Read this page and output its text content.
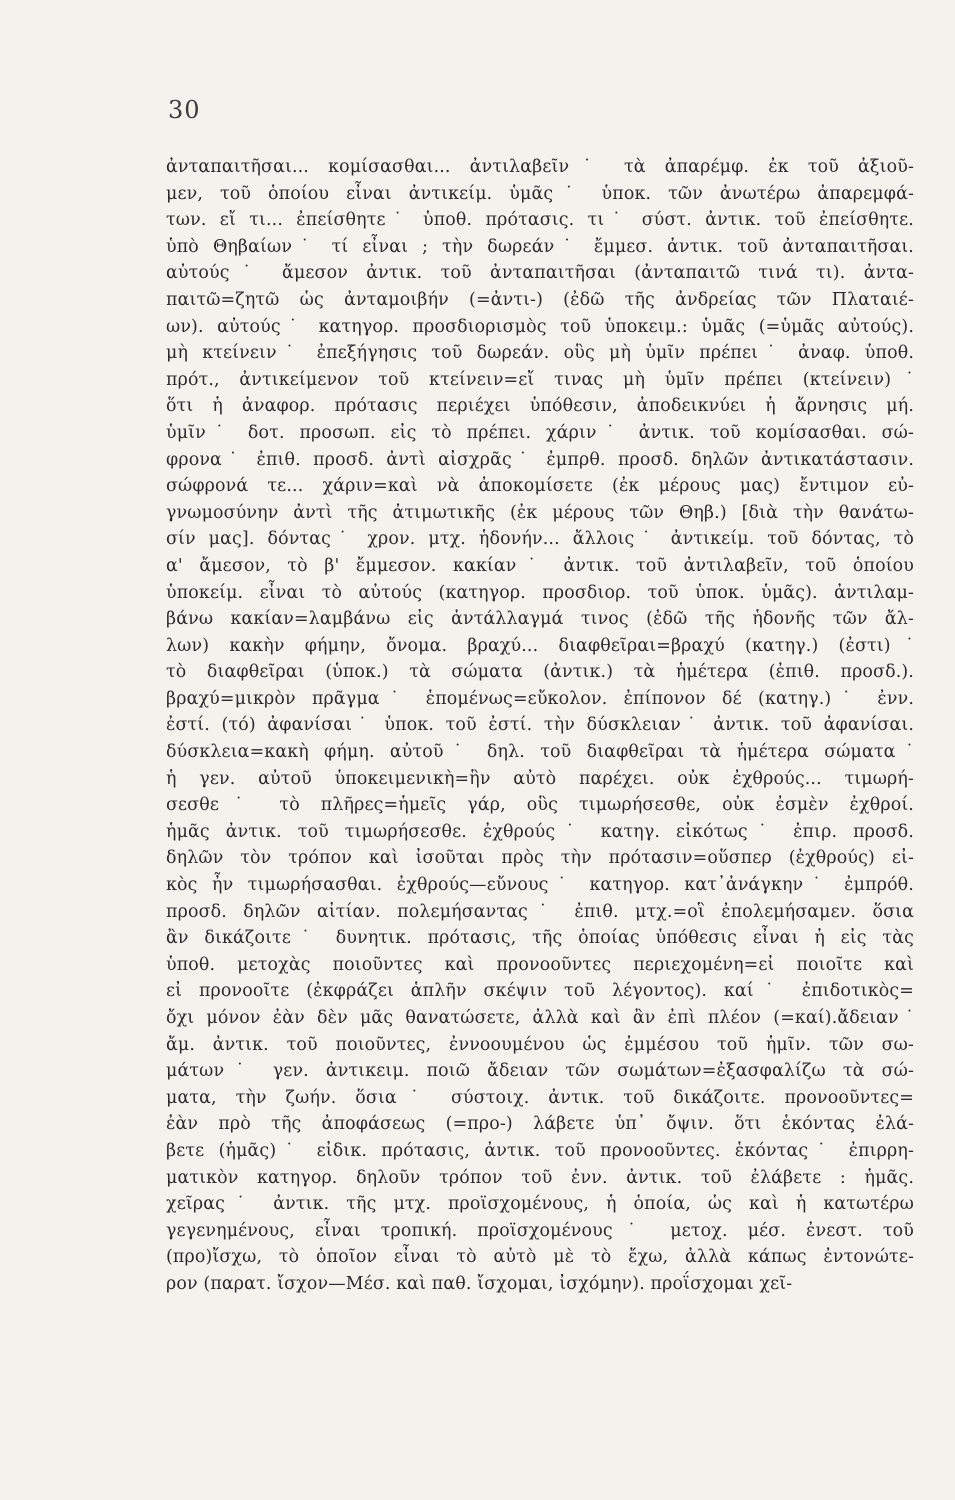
30
ἀνταπαιτῆσαι... κομίσασθαι... ἀντιλαβεῖν˙ τὰ ἀπαρέμφ. ἐκ τοῦ ἀξιοῦ-
μεν, τοῦ ὁποίου εἶναι ἀντικείμ. ὑμᾶς˙ ὑποκ. τῶν ἀνωτέρω ἀπαρεμφά-
των. εἴ τι... ἐπείσθητε˙ ὑποθ. πρότασις. τι˙ σύστ. ἀντικ. τοῦ ἐπείσθητε.
ὑπὸ Θηβαίων˙ τί εἶναι ; τὴν δωρεάν˙ ἔμμεσ. ἀντικ. τοῦ ἀνταπαιτῆσαι.
αὐτούς˙ ἄμεσον ἀντικ. τοῦ ἀνταπαιτῆσαι (ἀνταπαιτῶ τινά τι). ἀντα-
παιτῶ=ζητῶ ὡς ἀνταμοιβήν (=ἀντι-) (ἐδῶ τῆς ἀνδρείας τῶν Πλαταιέ-
ων). αὐτούς˙ κατηγορ. προσδιορισμὸς τοῦ ὑποκειμ.: ὑμᾶς (=ὑμᾶς αὐτούς).
μὴ κτείνειν˙ ἐπεξήγησις τοῦ δωρεάν. οὓς μὴ ὑμῖν πρέπει˙ ἀναφ. ὑποθ.
πρότ., ἀντικείμενον τοῦ κτείνειν=εἴ τινας μὴ ὑμῖν πρέπει (κτείνειν)˙
ὅτι ἡ ἀναφορ. πρότασις περιέχει ὑπόθεσιν, ἀποδεικνύει ἡ ἄρνησις μή.
ὑμῖν˙ δοτ. προσωπ. εἰς τὸ πρέπει. χάριν˙ ἀντικ. τοῦ κομίσασθαι. σώ-
φρονα˙ ἐπιθ. προσδ. ἀντὶ αἰσχρᾶς˙ ἐμπρθ. προσδ. δηλῶν ἀντικατάστασιν.
σώφρονά τε... χάριν=καὶ νὰ ἀποκομίσετε (ἐκ μέρους μας) ἔντιμον εὐ-
γνωμοσύνην ἀντὶ τῆς ἀτιμωτικῆς (ἐκ μέρους τῶν Θηβ.) [διὰ τὴν θανάτω-
σίν μας]. δόντας˙ χρον. μτχ. ἡδονήν... ἄλλοις˙ ἀντικείμ. τοῦ δόντας, τὸ
α' ἄμεσον, τὸ β' ἔμμεσον. κακίαν˙ ἀντικ. τοῦ ἀντιλαβεῖν, τοῦ ὁποίου
ὑποκείμ. εἶναι τὸ αὐτούς (κατηγορ. προσδιορ. τοῦ ὑποκ. ὑμᾶς). ἀντιλαμ-
βάνω κακίαν=λαμβάνω εἰς ἀντάλλαγμά τινος (ἐδῶ τῆς ἡδονῆς τῶν ἄλ-
λων) κακὴν φήμην, ὄνομα. βραχύ... διαφθεῖραι=βραχύ (κατηγ.) (ἐστι)˙
τὸ διαφθεῖραι (ὑποκ.) τὰ σώματα (ἀντικ.) τὰ ἡμέτερα (ἐπιθ. προσδ.).
βραχύ=μικρὸν πρᾶγμα˙ ἑπομένως=εὔκολον. ἐπίπονον δέ (κατηγ.)˙ ἐνν.
ἐστί. (τό) ἀφανίσαι˙ ὑποκ. τοῦ ἐστί. τὴν δύσκλειαν˙ ἀντικ. τοῦ ἀφανίσαι.
δύσκλεια=κακὴ φήμη. αὐτοῦ˙ δηλ. τοῦ διαφθεῖραι τὰ ἡμέτερα σώματα˙
ἡ γεν. αὐτοῦ ὑποκειμενικὴ=ἣν αὐτὸ παρέχει. οὐκ ἐχθρούς... τιμωρή-
σεσθε˙ τὸ πλῆρες=ἡμεῖς γάρ, οὓς τιμωρήσεσθε, οὐκ ἐσμὲν ἐχθροί.
ἡμᾶς ἀντικ. τοῦ τιμωρήσεσθε. ἐχθρούς˙ κατηγ. εἰκότως˙ ἐπιρ. προσδ.
δηλῶν τὸν τρόπον καὶ ἰσοῦται πρὸς τὴν πρότασιν=οὕσπερ (ἐχθρούς) εἰ-
κὸς ἦν τιμωρήσασθαι. ἐχθρούς—εὔνους˙ κατηγορ. κατ᾿ἀνάγκην˙ ἐμπρόθ.
προσδ. δηλῶν αἰτίαν. πολεμήσαντας˙ ἐπιθ. μτχ.=οἳ ἐπολεμήσαμεν. ὅσια
ἂν δικάζοιτε˙ δυνητικ. πρότασις, τῆς ὁποίας ὑπόθεσις εἶναι ἡ εἰς τὰς
ὑποθ. μετοχὰς ποιοῦντες καὶ προνοοῦντες περιεχομένη=εἰ ποιοῖτε καὶ
εἰ προνοοῖτε (ἐκφράζει ἁπλῆν σκέψιν τοῦ λέγοντος). καί˙ ἐπιδοτικὸς=
ὄχι μόνον ἐὰν δὲν μᾶς θανατώσετε, ἀλλὰ καὶ ἂν ἐπὶ πλέον (=καί).ἄδειαν˙
ἄμ. ἀντικ. τοῦ ποιοῦντες, ἐννοουμένου ὡς ἐμμέσου τοῦ ἡμῖν. τῶν σω-
μάτων˙ γεν. ἀντικειμ. ποιῶ ἄδειαν τῶν σωμάτων=ἐξασφαλίζω τὰ σώ-
ματα, τὴν ζωήν. ὅσια˙ σύστοιχ. ἀντικ. τοῦ δικάζοιτε. προνοοῦντες=
ἐὰν πρὸ τῆς ἀποφάσεως (=προ-) λάβετε ὑπ᾿ ὄψιν. ὅτι ἑκόντας ἐλά-
βετε (ἡμᾶς)˙ εἰδικ. πρότασις, ἀντικ. τοῦ προνοοῦντες. ἑκόντας˙ ἐπιρρη-
ματικὸν κατηγορ. δηλοῦν τρόπον τοῦ ἐνν. ἀντικ. τοῦ ἐλάβετε : ἡμᾶς.
χεῖρας˙ ἀντικ. τῆς μτχ. προϊσχομένους, ἡ ὁποία, ὡς καὶ ἡ κατωτέρω
γεγενημένους, εἶναι τροπική. προϊσχομένους˙ μετοχ. μέσ. ἐνεστ. τοῦ
(προ)ἴσχω, τὸ ὁποῖον εἶναι τὸ αὐτὸ μὲ τὸ ἔχω, ἀλλὰ κάπως ἐντονώτε-
ρον (παρατ. ἴσχον—Μέσ. καὶ παθ. ἴσχομαι, ἰσχόμην). προΐσχομαι χεῖ-
